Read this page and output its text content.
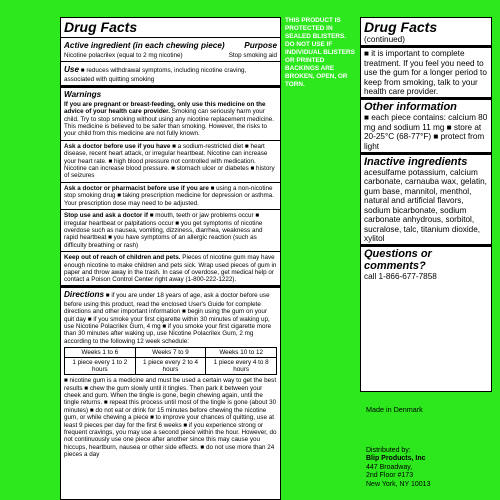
THIS PRODUCT IS PROTECTED IN SEALED BLISTERS. DO NOT USE IF INDIVIDUAL BLISTERS OR PRINTED BACKINGS ARE BROKEN, OPEN, OR TORN.
Drug Facts
Active ingredient (in each chewing piece) Purpose
Nicotine polacrilex (equal to 2 mg nicotine)	Stop smoking aid
Use ■ reduces withdrawal symptoms, including nicotine craving, associated with quitting smoking
Warnings
If you are pregnant or breast-feeding, only use this medicine on the advice of your health care provider. Smoking can seriously harm your child. Try to stop smoking without using any nicotine replacement medicine. This medicine is believed to be safer than smoking. However, the risks to your child from this medicine are not fully known.
Ask a doctor before use if you have ■ a sodium-restricted diet ■ heart disease, recent heart attack, or irregular heartbeat. Nicotine can increase your heart rate. ■ high blood pressure not controlled with medication. Nicotine can increase blood pressure. ■ stomach ulcer or diabetes ■ history of seizures
Ask a doctor or pharmacist before use if you are ■ using a non-nicotine stop smoking drug ■ taking prescription medicine for depression or asthma. Your prescription dose may need to be adjusted.
Stop use and ask a doctor if ■ mouth, teeth or jaw problems occur ■ irregular heartbeat or palpitations occur ■ you get symptoms of nicotine overdose such as nausea, vomiting, dizziness, diarrhea, weakness and rapid heartbeat ■ you have symptoms of an allergic reaction (such as difficulty breathing or rash)
Keep out of reach of children and pets. Pieces of nicotine gum may have enough nicotine to make children and pets sick. Wrap used pieces of gum in paper and throw away in the trash. In case of overdose, get medical help or contact a Poison Control Center right away (1-800-222-1222).
Directions ■ if you are under 18 years of age, ask a doctor before use before using this product, read the enclosed User's Guide for complete directions and other important information ■ begin using the gum on your quit day ■ if you smoke your first cigarette within 30 minutes of waking up, use Nicotine Polacrilex Gum, 4 mg ■ if you smoke your first cigarette more than 30 minutes after waking up, use Nicotine Polacrilex Gum, 2 mg according to the following 12 week schedule:
Weeks 1 to 6	Weeks 7 to 9	Weeks 10 to 12
1 piece every 1 to 2 hours	1 piece every 2 to 4 hours	1 piece every 4 to 8 hours
■ nicotine gum is a medicine and must be used a certain way to get the best results ■ chew the gum slowly until it tingles. Then park it between your cheek and gum. When the tingle is gone, begin chewing again, until the tingle returns. ■ repeat this process until most of the tingle is gone (about 30 minutes) ■ do not eat or drink for 15 minutes before chewing the nicotine gum, or while chewing a piece ■ to improve your chances of quitting, use at least 9 pieces per day for the first 6 weeks ■ if you experience strong or frequent cravings, you may use a second piece within the hour. However, do not continuously use one piece after another since this may cause you hiccups, heartburn, nausea or other side effects. ■ do not use more than 24 pieces a day
Drug Facts
(continued)
■ it is important to complete treatment. If you feel you need to use the gum for a longer period to keep from smoking, talk to your health care provider.
Other information
■ each piece contains: calcium 80 mg and sodium 11 mg ■ store at 20-25°C (68-77°F) ■ protect from light
Inactive ingredients
acesulfame potassium, calcium carbonate, carnauba wax, gelatin, gum base, mannitol, menthol, natural and artificial flavors, sodium bicarbonate, sodium carbonate anhydrous, sorbitol, sucralose, talc, titanium dioxide, xylitol
Questions or comments?
call 1-866-677-7858
Made in Denmark
Distributed by:
Blip Products, Inc
447 Broadway,
2nd Floor #173
New York, NY 10013
